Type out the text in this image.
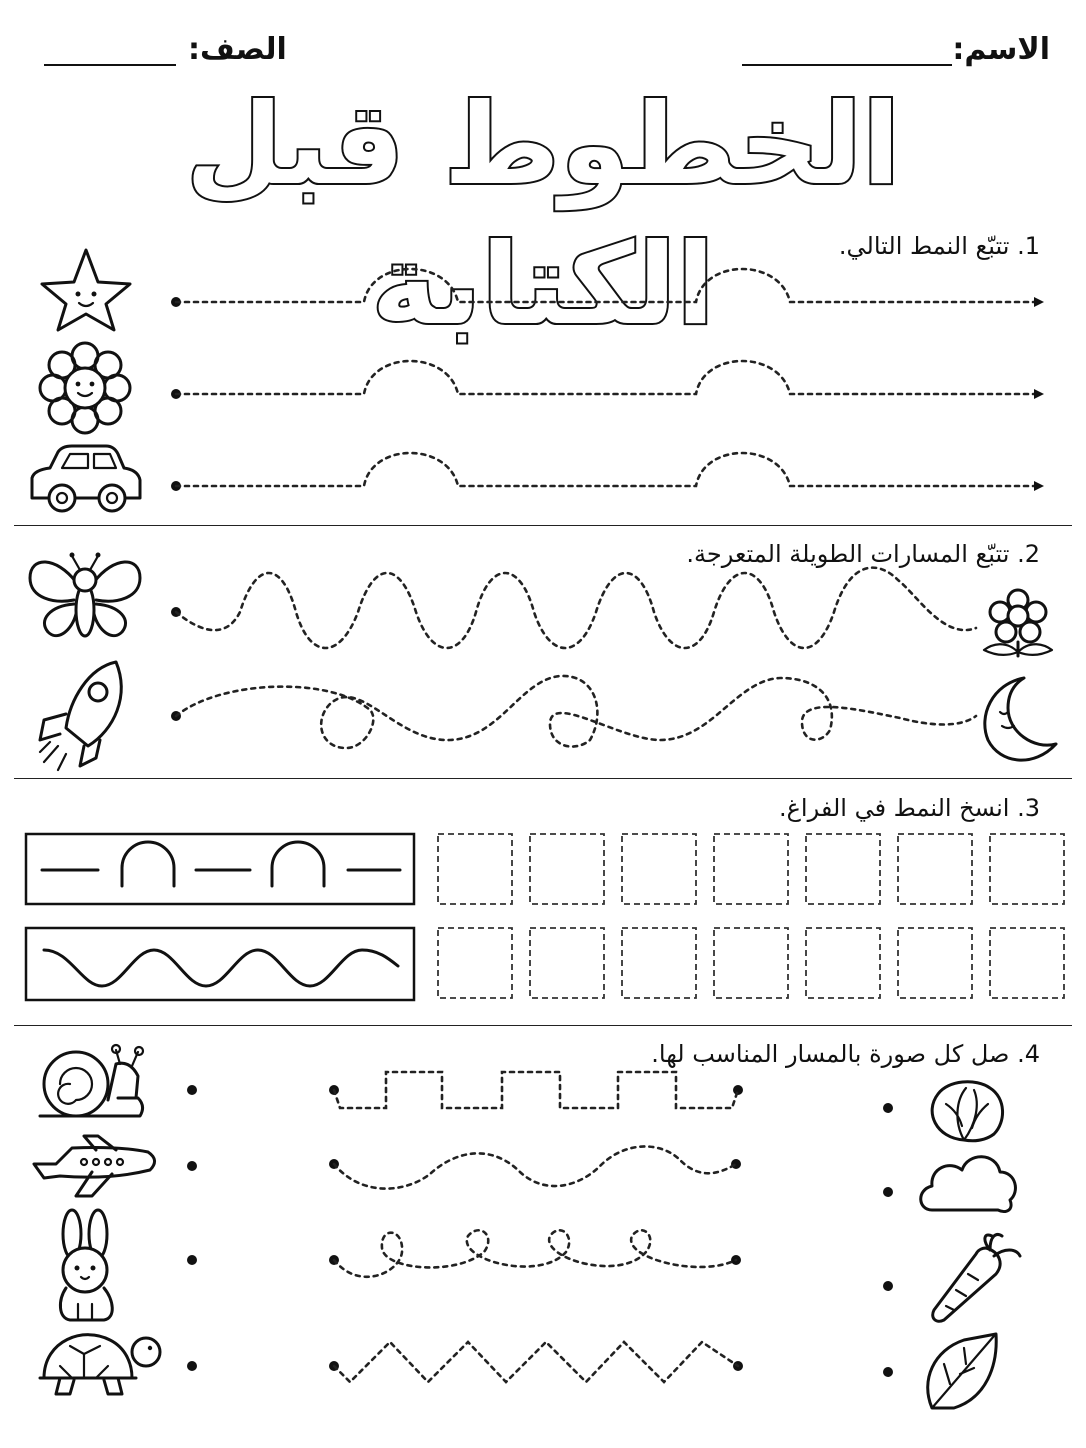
الاسم:
الصف:
الخطوط قبل الكتابة	1. تتبّع النمط التالي.
2. تتبّع المسارات الطويلة المتعرجة.
3. انسخ النمط في الفراغ.
4. صل كل صورة بالمسار المناسب لها.
